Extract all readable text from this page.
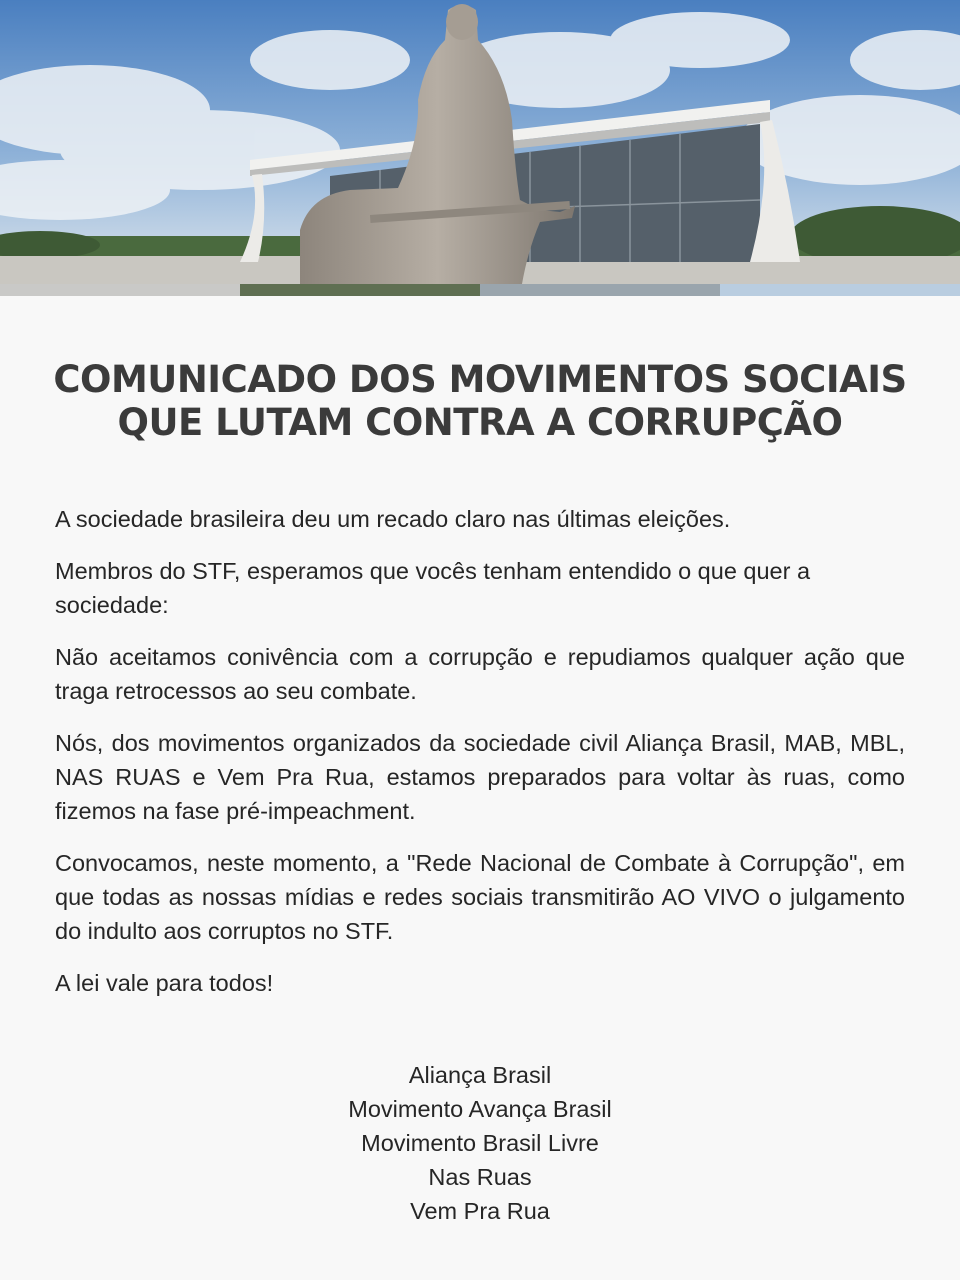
COMUNICADO DOS MOVIMENTOS SOCIAIS
QUE LUTAM CONTRA A CORRUPÇÃO

A sociedade brasileira deu um recado claro nas últimas eleições.

Membros do STF, esperamos que vocês tenham entendido o que quer a sociedade:

Não aceitamos conivência com a corrupção e repudiamos qualquer ação que traga retrocessos ao seu combate.

Nós, dos movimentos organizados da sociedade civil Aliança Brasil, MAB, MBL, NAS RUAS e Vem Pra Rua, estamos preparados para voltar às ruas, como fizemos na fase pré-impeachment.

Convocamos, neste momento, a "Rede Nacional de Combate à Corrupção", em que todas as nossas mídias e redes sociais transmitirão AO VIVO o julgamento do indulto aos corruptos no STF.

A lei vale para todos!

Aliança Brasil
Movimento Avança Brasil
Movimento Brasil Livre
Nas Ruas
Vem Pra Rua
